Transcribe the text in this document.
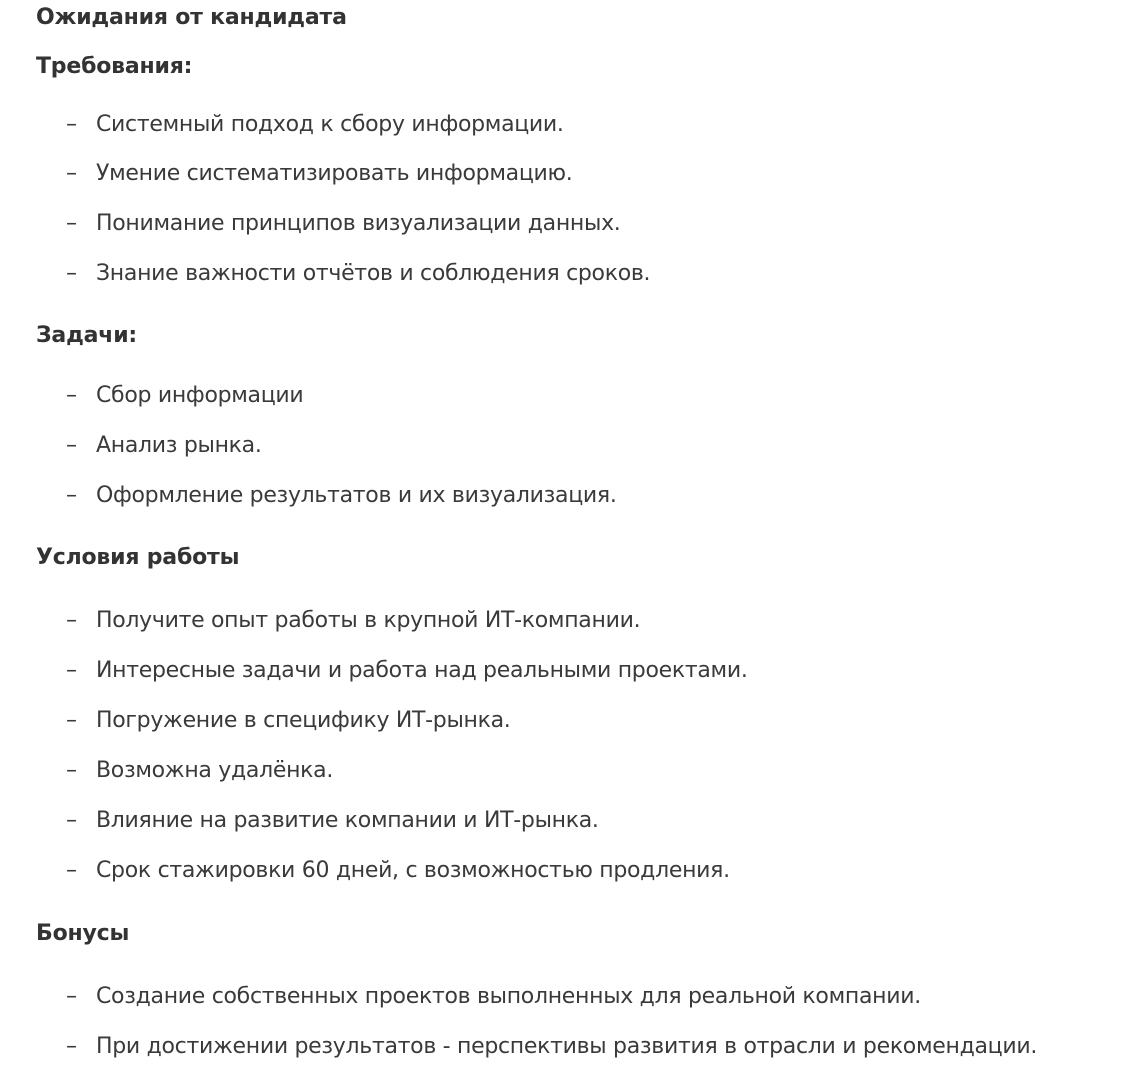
Ожидания от кандидата
Требования:
– Системный подход к сбору информации.
– Умение систематизировать информацию.
– Понимание принципов визуализации данных.
– Знание важности отчётов и соблюдения сроков.
Задачи:
– Сбор информации
– Анализ рынка.
– Оформление результатов и их визуализация.
Условия работы
– Получите опыт работы в крупной ИТ-компании.
– Интересные задачи и работа над реальными проектами.
– Погружение в специфику ИТ-рынка.
– Возможна удалёнка.
– Влияние на развитие компании и ИТ-рынка.
– Срок стажировки 60 дней, с возможностью продления.
Бонусы
– Создание собственных проектов выполненных для реальной компании.
– При достижении результатов - перспективы развития в отрасли и рекомендации.
